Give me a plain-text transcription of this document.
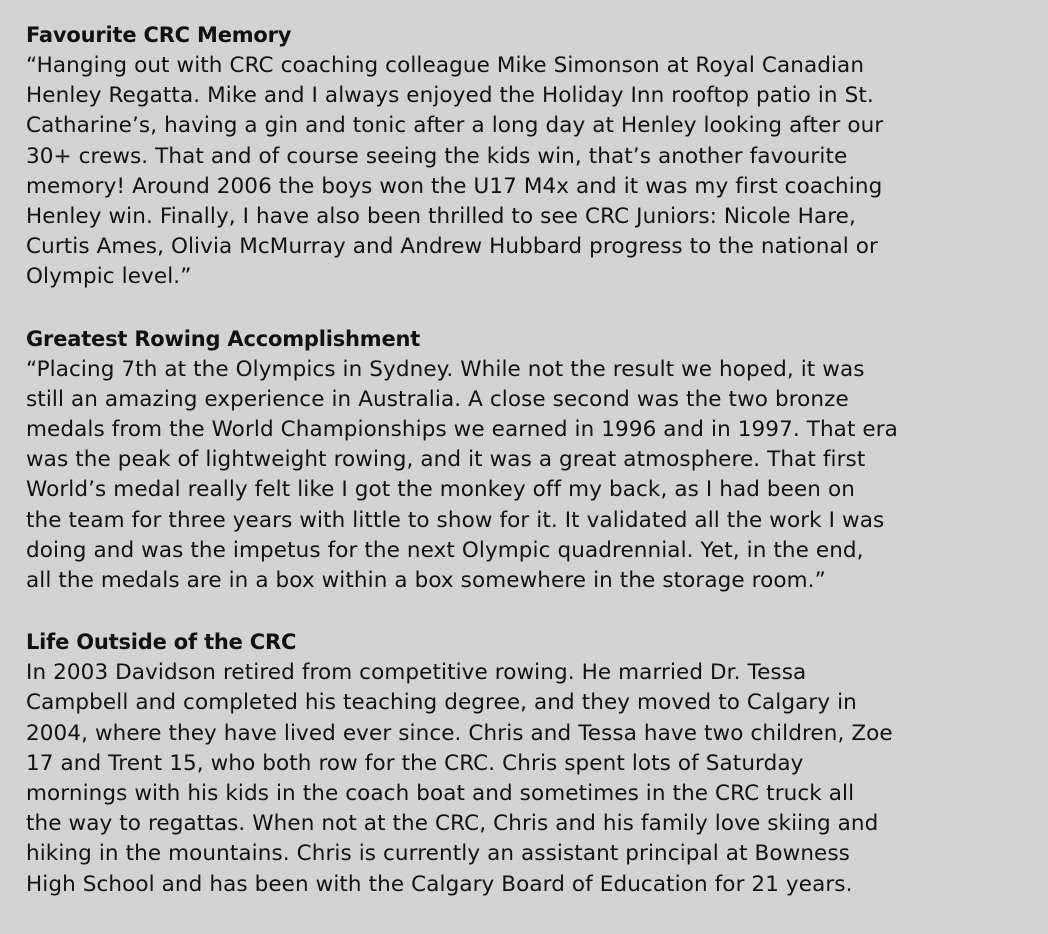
Favourite CRC Memory

“Hanging out with CRC coaching colleague Mike Simonson at Royal Canadian
Henley Regatta. Mike and I always enjoyed the Holiday Inn rooftop patio in St.
Catharine’s, having a gin and tonic after a long day at Henley looking after our
30+ crews. That and of course seeing the kids win, that’s another favourite
memory! Around 2006 the boys won the U17 M4x and it was my first coaching
Henley win. Finally, I have also been thrilled to see CRC Juniors: Nicole Hare,
Curtis Ames, Olivia McMurray and Andrew Hubbard progress to the national or
Olympic level.”

Greatest Rowing Accomplishment

“Placing 7th at the Olympics in Sydney. While not the result we hoped, it was
still an amazing experience in Australia. A close second was the two bronze
medals from the World Championships we earned in 1996 and in 1997. That era
was the peak of lightweight rowing, and it was a great atmosphere. That first
World’s medal really felt like I got the monkey off my back, as I had been on
the team for three years with little to show for it. It validated all the work I was
doing and was the impetus for the next Olympic quadrennial. Yet, in the end,
all the medals are in a box within a box somewhere in the storage room.”

Life Outside of the CRC

In 2003 Davidson retired from competitive rowing. He married Dr. Tessa
Campbell and completed his teaching degree, and they moved to Calgary in
2004, where they have lived ever since. Chris and Tessa have two children, Zoe
17 and Trent 15, who both row for the CRC. Chris spent lots of Saturday
mornings with his kids in the coach boat and sometimes in the CRC truck all
the way to regattas. When not at the CRC, Chris and his family love skiing and
hiking in the mountains. Chris is currently an assistant principal at Bowness
High School and has been with the Calgary Board of Education for 21 years.
